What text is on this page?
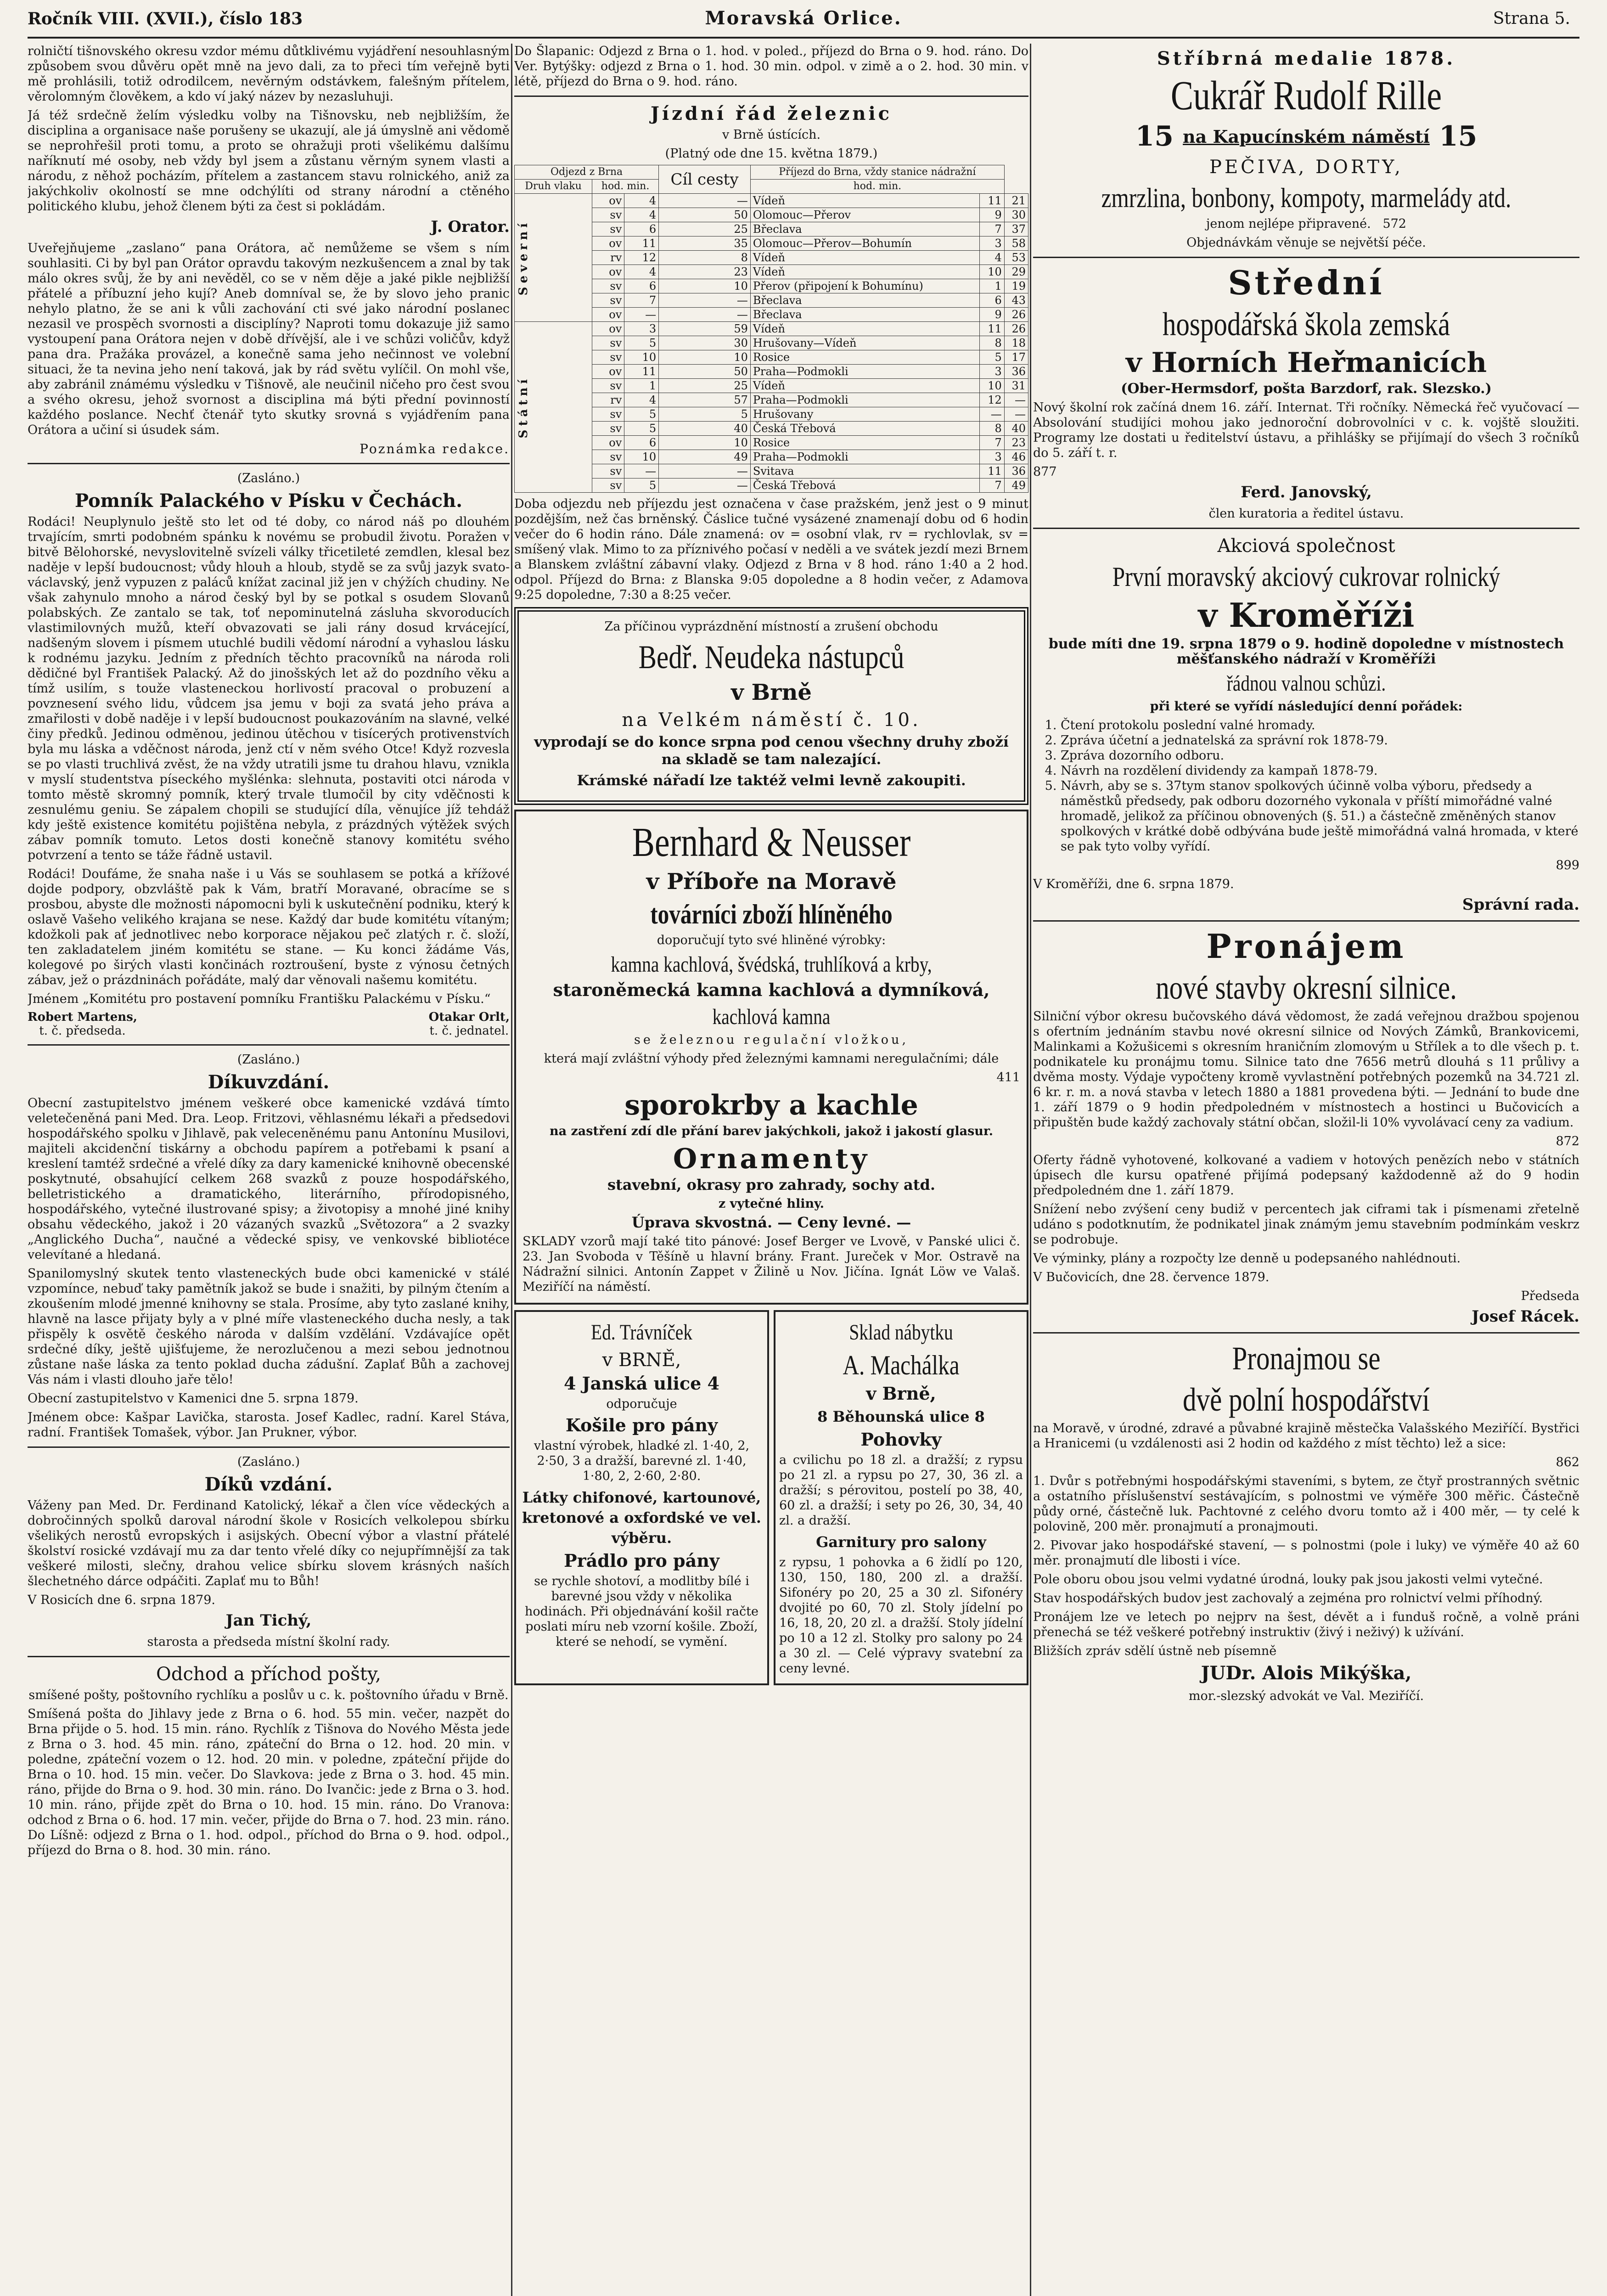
Ročník VIII. (XVII.), číslo 183	Moravská Orlice.	Strana 5.

rolničtí tišnovského okresu vzdor mému důtklivému vyjádření nesouhlasným způsobem svou důvěru opět mně na jevo dali, za to přeci tím veřejně byti mě prohlásili, totiž odrodilcem, nevěrným odstávkem, falešným přítelem, věrolomným člověkem, a kdo ví jaký název by nezasluhuji.

Já též srdečně želím výsledku volby na Tišnovsku, neb nejbližším, že disciplina a organisace naše porušeny se ukazují, ale já úmyslně ani vědomě se neprohřešil proti tomu, a proto se ohražuji proti všelikému dalšímu naříknutí mé osoby, neb vždy byl jsem a zůstanu věrným synem vlasti a národu, z něhož pocházím, přítelem a zastancem stavu rolnického, aniž za jakýchkoliv okolností se mne odchýlíti od strany národní a ctěného politického klubu, jehož členem býti za čest si pokládám.

J. Orator.

Uveřejňujeme „zaslano“ pana Orátora, ač nemůžeme se všem s ním souhlasiti. Ci by byl pan Orátor opravdu takovým nezkušencem a znal by tak málo okres svůj, že by ani nevěděl, co se v něm děje a jaké pikle nejbližší přátelé a příbuzní jeho kují? Aneb domníval se, že by slovo jeho pranic nehylo platno, že se ani k vůli zachování cti své jako národní poslanec nezasil ve prospěch svornosti a disciplíny? Naproti tomu dokazuje již samo vystoupení pana Orátora nejen v době dřívější, ale i ve schůzi voličův, když pana dra. Pražáka provázel, a konečně sama jeho nečinnost ve volební situaci, že ta nevina jeho není taková, jak by rád světu vylíčil. On mohl vše, aby zabránil známému výsledku v Tišnově, ale neučinil ničeho pro čest svou a svého okresu, jehož svornost a disciplina má býti přední povinností každého poslance. Nechť čtenář tyto skutky srovná s vyjádřením pana Orátora a učiní si úsudek sám.

Poznámka redakce.

(Zasláno.)

Pomník Palackého v Písku v Čechách.

Rodáci! Neuplynulo ještě sto let od té doby, co národ náš po dlouhém trvajícím, smrti podobném spánku k novému se probudil životu. Poražen v bitvě Bělohorské, nevyslovitelně svízeli války třicetileté zemdlen, klesal bez naděje v lepší budoucnost; vůdy hlouh a hloub, stydě se za svůj jazyk svato-václavský, jenž vypuzen z paláců knížat zacinal již jen v chýžích chudiny. Ne však zahynulo mnoho a národ český byl by se potkal s osudem Slovanů polabských. Ze zantalo se tak, toť nepominutelná zásluha skvoroducích vlastimilovných mužů, kteří obvazovati se jali rány dosud krvácející, nadšeným slovem i písmem utuchlé budili vědomí národní a vyhaslou lásku k rodnému jazyku. Jedním z předních těchto pracovníků na národa roli dědičné byl František Palacký. Až do jinošských let až do pozdního věku a tímž usilím, s touže vlasteneckou horlivostí pracoval o probuzení a povznesení svého lidu, vůdcem jsa jemu v boji za svatá jeho práva a zmařilosti v době naděje i v lepší budoucnost poukazováním na slavné, velké činy předků. Jedinou odměnou, jedinou útěchou v tisícerých protivenstvích byla mu láska a vděčnost národa, jenž ctí v něm svého Otce! Když rozvesla se po vlasti truchlivá zvěst, že na vždy utratili jsme tu drahou hlavu, vznikla v myslí studentstva píseckého myšlénka: slehnuta, postaviti otci národa v tomto městě skromný pomník, který trvale tlumočil by city vděčnosti k zesnulému geniu. Se zápalem chopili se studující díla, věnujíce jíž tehdáž kdy ještě existence komitétu pojištěna nebyla, z prázdných výtěžek svých zábav pomník tomuto. Letos dosti konečně stanovy komitétu svého potvrzení a tento se táže řádně ustavil.

Rodáci! Doufáme, že snaha naše i u Vás se souhlasem se potká a křížové dojde podpory, obzvláště pak k Vám, bratří Moravané, obracíme se s prosbou, abyste dle možnosti nápomocni byli k uskutečnění podniku, který k oslavě Vašeho velikého krajana se nese. Každý dar bude komitétu vítaným; kdožkoli pak ať jednotlivec nebo korporace nějakou peč zlatých r. č. složí, ten zakladatelem jiném komitétu se stane. — Ku konci žádáme Vás, kolegové po širých vlasti končinách roztroušení, byste z výnosu četných zábav, jež o prázdninách pořádáte, malý dar věnovali našemu komitétu.

Jménem „Komitétu pro postavení pomníku Františku Palackému v Písku.“

Robert Martens,
t. č. předseda.
Otakar Orlt,
t. č. jednatel.

(Zasláno.)

Díkuvzdání.

Obecní zastupitelstvo jménem veškeré obce kamenické vzdává tímto veletečeněná pani Med. Dra. Leop. Fritzovi, věhlasnému lékaři a předsedovi hospodářského spolku v Jihlavě, pak veleceněnému panu Antonínu Musilovi, majiteli akcidenční tiskárny a obchodu papírem a potřebami k psaní a kreslení tamtéž srdečné a vřelé díky za dary kamenické knihovně obecenské poskytnuté, obsahující celkem 268 svazků z pouze hospodářského, belletristického a dramatického, literárního, přírodopisného, hospodářského, vytečné ilustrované spisy; a životopisy a mnohé jiné knihy obsahu vědeckého, jakož i 20 vázaných svazků „Světozora“ a 2 svazky „Anglického Ducha“, naučné a vědecké spisy, ve venkovské bibliotéce velevítané a hledaná.

Spanilomyslný skutek tento vlasteneckých bude obci kamenické v stálé vzpomínce, nebuď taky pamětník jakož se bude i snažiti, by pilným čtením a zkoušením mlodé jmenné knihovny se stala. Prosíme, aby tyto zaslané knihy, hlavně na lasce přijaty byly a v plné míře vlasteneckého ducha nesly, a tak přispěly k osvětě českého národa v dalším vzdělání. Vzdávajíce opět srdečné díky, ještě ujišťujeme, že nerozlučenou a mezi sebou jednotnou zůstane naše láska za tento poklad ducha zádušní. Zaplať Bůh a zachovej Vás nám i vlasti dlouho jaře tělo!

Obecní zastupitelstvo v Kamenici dne 5. srpna 1879.

Jménem obce: Kašpar Lavička, starosta. Josef Kadlec, radní. Karel Stáva, radní. František Tomašek, výbor. Jan Prukner, výbor.

(Zasláno.)

Díků vzdání.

Váženy pan Med. Dr. Ferdinand Katolický, lékař a člen více vědeckých a dobročinných spolků daroval národní škole v Rosicích velkolepou sbírku všelikých nerostů evropských i asijských. Obecní výbor a vlastní přátelé školství rosické vzdávají mu za dar tento vřelé díky co nejupřímnější za tak veškeré milosti, slečny, drahou velice sbírku slovem krásných naších šlechetného dárce odpáčiti. Zaplať mu to Bůh!

V Rosicích dne 6. srpna 1879.

Jan Tichý,

starosta a předseda místní školní rady.

Odchod a příchod pošty,

smíšené pošty, poštovního rychlíku a poslův u c. k. poštovního úřadu v Brně.

Smíšená pošta do Jihlavy jede z Brna o 6. hod. 55 min. večer, nazpět do Brna přijde o 5. hod. 15 min. ráno. Rychlík z Tišnova do Nového Města jede z Brna o 3. hod. 45 min. ráno, zpáteční do Brna o 12. hod. 20 min. v poledne, zpáteční vozem o 12. hod. 20 min. v poledne, zpáteční přijde do Brna o 10. hod. 15 min. večer. Do Slavkova: jede z Brna o 3. hod. 45 min. ráno, přijde do Brna o 9. hod. 30 min. ráno. Do Ivančic: jede z Brna o 3. hod. 10 min. ráno, přijde zpět do Brna o 10. hod. 15 min. ráno. Do Vranova: odchod z Brna o 6. hod. 17 min. večer, přijde do Brna o 7. hod. 23 min. ráno. Do Líšně: odjezd z Brna o 1. hod. odpol., příchod do Brna o 9. hod. odpol., příjezd do Brna o 8. hod. 30 min. ráno.

Do Šlapanic: Odjezd z Brna o 1. hod. v poled., příjezd do Brna o 9. hod. ráno. Do Ver. Bytýšky: odjezd z Brna o 1. hod. 30 min. odpol. v zimě a o 2. hod. 30 min. v létě, příjezd do Brna o 9. hod. ráno.

Jízdní řád železnic

v Brně ústících.

(Platný ode dne 15. května 1879.)

Odjezd z Brna			Cíl cesty	Příjezd do Brna, vždy stanice nádražní		
Druh vlaku	hod. min.			hod. min.		

Severní	ov	4	—	Vídeň	11	21
	sv	4	50	Olomouc—Přerov	9	30
	sv	6	25	Břeclava	7	37
	ov	11	35	Olomouc—Přerov—Bohumín	3	58
	rv	12	8	Vídeň	4	53
	ov	4	23	Vídeň	10	29
	sv	6	10	Přerov (připojení k Bohumínu)	1	19
	sv	7	—	Břeclava	6	43
	ov	—	—	Břeclava	9	26

Státní	ov	3	59	Vídeň	11	26
	sv	5	30	Hrušovany—Vídeň	8	18
	sv	10	10	Rosice	5	17
	ov	11	50	Praha—Podmokli	3	36
	sv	1	25	Vídeň	10	31
	rv	4	57	Praha—Podmokli	12	—
	sv	5	5	Hrušovany	—	—
	sv	5	40	Česká Třebová	8	40
	ov	6	10	Rosice	7	23
	sv	10	49	Praha—Podmokli	3	46
	sv	—	—	Svitava	11	36
	sv	5	—	Česká Třebová	7	49

Doba odjezdu neb příjezdu jest označena v čase pražském, jenž jest o 9 minut pozdějším, než čas brněnský. Čáslice tučné vysázené znamenají dobu od 6 hodin večer do 6 hodin ráno. Dále znamená: ov = osobní vlak, rv = rychlovlak, sv = smíšený vlak. Mimo to za příznivého počasí v neděli a ve svátek jezdí mezi Brnem a Blanskem zvláštní zábavní vlaky. Odjezd z Brna v 8 hod. ráno 1:40 a 2 hod. odpol. Příjezd do Brna: z Blanska 9:05 dopoledne a 8 hodin večer, z Adamova 9:25 dopoledne, 7:30 a 8:25 večer.

Za příčinou vyprázdnění místností a zrušení obchodu

Bedř. Neudeka nástupců
v Brně
na Velkém náměstí č. 10.

vyprodají se do konce srpna pod cenou všechny druhy zboží na skladě se tam nalezající.

Krámské nářadí lze taktéž velmi levně zakoupiti.

Bernhard & Neusser
v Příboře na Moravě
továrníci zboží hlíněného

doporučují tyto své hliněné výrobky:

kamna kachlová, švédská, truhlíková a krby,
staroněmecká kamna kachlová a dymníková,
kachlová kamna

se železnou regulační vložkou,

která mají zvláštní výhody před železnými kamnami neregulačními; dále

411

sporokrby a kachle

na zastření zdí dle přání barev jakýchkoli, jakož i jakostí glasur.

Ornamenty

stavební, okrasy pro zahrady, sochy atd.

z vytečné hliny.

Úprava skvostná. — Ceny levné. —

SKLADY vzorů mají také tito pánové: Josef Berger ve Lvově, v Panské ulici č. 23. Jan Svoboda v Těšíně u hlavní brány. Frant. Jureček v Mor. Ostravě na Nádražní silnici. Antonín Zappet v Žilině u Nov. Jičína. Ignát Löw ve Valaš. Meziříčí na náměstí.

Ed. Trávníček
v BRNĚ,
4 Janská ulice 4

odporučuje

Košile pro pány

vlastní výrobek, hladké zl. 1·40, 2, 2·50, 3 a dražší, barevné zl. 1·40, 1·80, 2, 2·60, 2·80.

Látky chifonové, kartounové, kretonové a oxfordské ve vel. výběru.
Prádlo pro pány

se rychle shotoví, a modlitby bílé i barevné jsou vždy v několika hodinách. Při objednávání košil račte poslati míru neb vzorní košile. Zboží, které se nehodí, se vymění.

Sklad nábytku
A. Machálka
v Brně,
8 Běhounská ulice 8
Pohovky

a cvilichu po 18 zl. a dražší; z rypsu po 21 zl. a rypsu po 27, 30, 36 zl. a dražší; s pérovitou, postelí po 38, 40, 60 zl. a dražší; i sety po 26, 30, 34, 40 zl. a dražší.

Garnitury pro salony

z rypsu, 1 pohovka a 6 židlí po 120, 130, 150, 180, 200 zl. a dražší. Sifonéry po 20, 25 a 30 zl. Sifonéry dvojité po 60, 70 zl. Stoly jídelní po 16, 18, 20, 20 zl. a dražší. Stoly jídelní po 10 a 12 zl. Stolky pro salony po 24 a 30 zl. — Celé výpravy svatební za ceny levné.

Stříbrná medalie 1878.
Cukrář Rudolf Rille
15 na Kapucínském náměstí 15
PEČIVA, DORTY,
zmrzlina, bonbony, kompoty, marmelády atd.

jenom nejlépe připravené. 572

Objednávkám věnuje se největší péče.

Střední
hospodářská škola zemská
v Horních Heřmanicích

(Ober-Hermsdorf, pošta Barzdorf, rak. Slezsko.)

Nový školní rok začíná dnem 16. září. Internat. Tři ročníky. Německá řeč vyučovací — Absolování studijíci mohou jako jednoroční dobrovolníci v c. k. vojště sloužiti. Programy lze dostati u ředitelství ústavu, a přihlášky se přijímají do všech 3 ročníků do 5. září t. r.

877

Ferd. Janovský,

člen kuratoria a ředitel ústavu.

Akciová společnost
První moravský akciový cukrovar rolnický
v Kroměříži

bude míti dne 19. srpna 1879 o 9. hodině dopoledne v místnostech měšťanského nádraží v Kroměříži

řádnou valnou schůzi.

při které se vyřídí následující denní pořádek:

1. Čtení protokolu poslední valné hromady.
2. Zpráva účetní a jednatelská za správní rok 1878-79.
3. Zpráva dozorního odboru.
4. Návrh na rozdělení dividendy za kampaň 1878-79.
5. Návrh, aby se s. 37tym stanov spolkových účinně volba výboru, předsedy a náměstků předsedy, pak odboru dozorného vykonala v příští mimořádné valné hromadě, jelikož za příčinou obnovených (§. 51.) a částečně změněných stanov spolkových v krátké době odbývána bude ještě mimořádná valná hromada, v které se pak tyto volby vyřídí.

899

V Kroměříži, dne 6. srpna 1879.

Správní rada.
Pronájem
nové stavby okresní silnice.

Silniční výbor okresu bučovského dává vědomost, že zadá veřejnou dražbou spojenou s ofertním jednáním stavbu nové okresní silnice od Nových Zámků, Brankovicemi, Malinkami a Kožušicemi s okresním hraničním zlomovým u Střílek a to dle všech p. t. podnikatele ku pronájmu tomu. Silnice tato dne 7656 metrů dlouhá s 11 průlivy a dvěma mosty. Výdaje vypočteny kromě vyvlastnění potřebných pozemků na 34.721 zl. 6 kr. r. m. a nová stavba v letech 1880 a 1881 provedena býti. — Jednání to bude dne 1. září 1879 o 9 hodin předpoledném v místnostech a hostinci u Bučovicích a připuštěn bude každý zachovaly státní občan, složil-li 10% vyvolávací ceny za vadium.

872

Oferty řádně vyhotovené, kolkované a vadiem v hotových penězích nebo v státních úpisech dle kursu opatřené přijímá podepsaný každodenně až do 9 hodin předpoledném dne 1. září 1879.

Snížení nebo zvýšení ceny budiž v percentech jak ciframi tak i písmenami zřetelně udáno s podotknutím, že podnikatel jinak známým jemu stavebním podmínkám veskrz se podrobuje.

Ve výminky, plány a rozpočty lze denně u podepsaného nahlédnouti.

V Bučovicích, dne 28. července 1879.

Předseda

Josef Rácek.
Pronajmou se
dvě polní hospodářství

na Moravě, v úrodné, zdravé a půvabné krajině městečka Valašského Meziříčí. Bystřici a Hranicemi (u vzdálenosti asi 2 hodin od každého z míst těchto) lež a sice:

862

1. Dvůr s potřebnými hospodářskými staveními, s bytem, ze čtyř prostranných světnic a ostatního příslušenství sestávajícím, s polnostmi ve výměře 300 měřic. Částečně půdy orné, částečně luk. Pachtovné z celého dvoru tomto až i 400 měr, — ty celé k polovině, 200 měr. pronajmutí a pronajmouti.

2. Pivovar jako hospodářské stavení, — s polnostmi (pole i luky) ve výměře 40 až 60 měr. pronajmutí dle libosti i více.

Pole oboru obou jsou velmi vydatné úrodná, louky pak jsou jakosti velmi vytečné.

Stav hospodářských budov jest zachovalý a zejména pro rolnictví velmi příhodný.

Pronájem lze ve letech po nejprv na šest, dévět a i funduš ročně, a volně práni přenechá se též veškeré potřebný instruktiv (živý i neživý) k užívání.

Bližších zpráv sdělí ústně neb písemně

JUDr. Alois Mikýška,

mor.-slezský advokát ve Val. Meziříčí.
